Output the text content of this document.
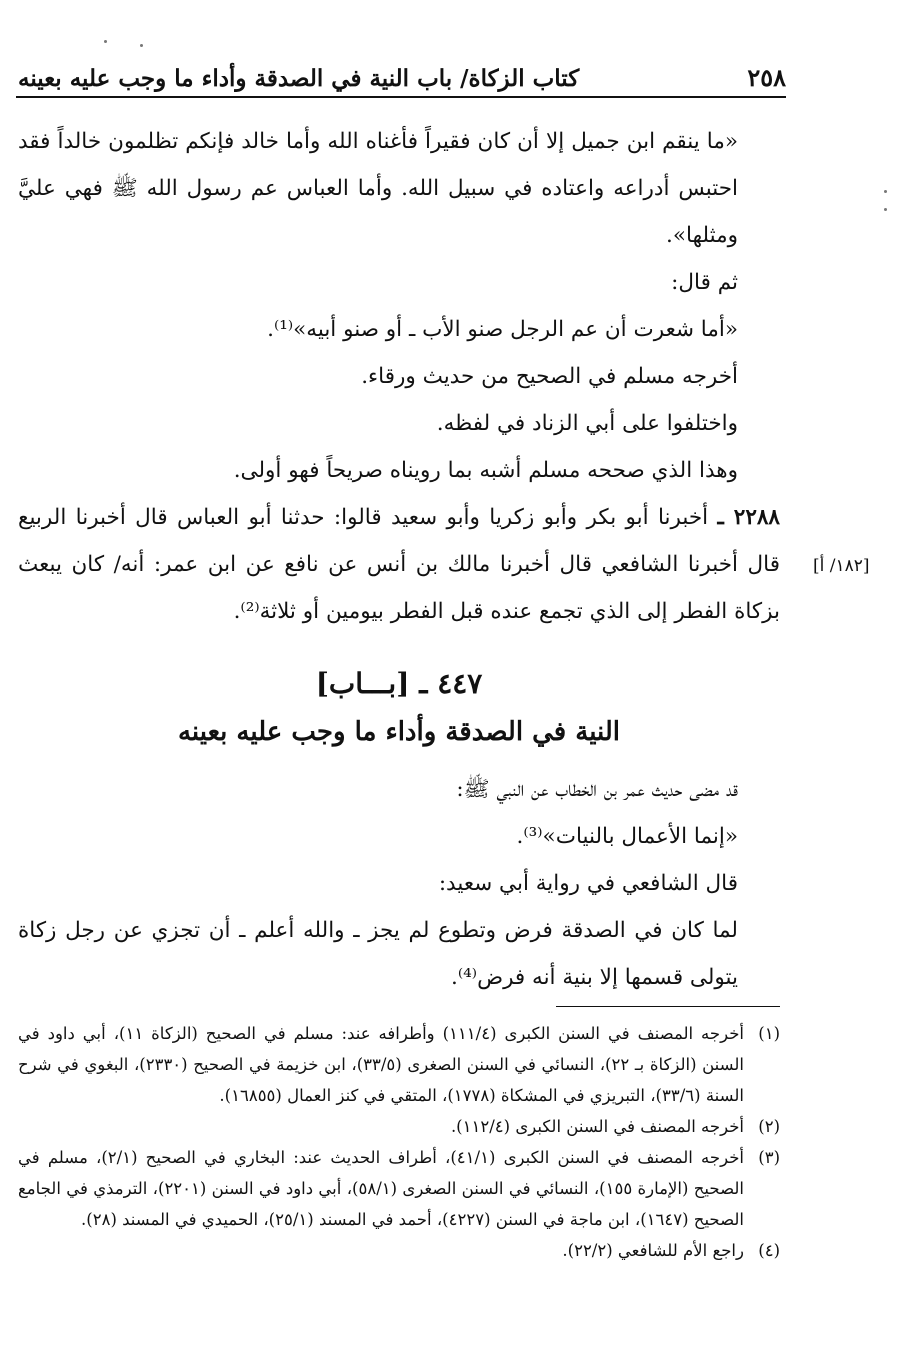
٢٥٨
كتاب الزكاة/ باب النية في الصدقة وأداء ما وجب عليه بعينه

«ما ينقم ابن جميل إلا أن كان فقيراً فأغناه الله وأما خالد فإنكم تظلمون خالداً فقد احتبس أدراعه واعتاده في سبيل الله. وأما العباس عم رسول الله ﷺ فهي عليَّ ومثلها».

ثم قال:

«أما شعرت أن عم الرجل صنو الأب ـ أو صنو أبيه»⁽¹⁾.

أخرجه مسلم في الصحيح من حديث ورقاء.

واختلفوا على أبي الزناد في لفظه.

وهذا الذي صححه مسلم أشبه بما رويناه صريحاً فهو أولى.

٢٢٨٨ ـ أخبرنا أبو بكر وأبو زكريا وأبو سعيد قالوا: حدثنا أبو العباس قال أخبرنا الربيع قال أخبرنا الشافعي قال أخبرنا مالك بن أنس عن نافع عن ابن عمر: أنه/ كان يبعث بزكاة الفطر إلى الذي تجمع عنده قبل الفطر بيومين أو ثلاثة⁽²⁾.

[١٨٢/ أ]
٤٤٧ ـ [بـــاب]
النية في الصدقة وأداء ما وجب عليه بعينه

قد مضى حديث عمر بن الخطاب عن النبي ﷺ:

«إنما الأعمال بالنيات»⁽³⁾.

قال الشافعي في رواية أبي سعيد:

لما كان في الصدقة فرض وتطوع لم يجز ـ والله أعلم ـ أن تجزي عن رجل زكاة يتولى قسمها إلا بنية أنه فرض⁽⁴⁾.

(١)
أخرجه المصنف في السنن الكبرى (١١١/٤) وأطرافه عند: مسلم في الصحيح (الزكاة ١١)، أبي داود في السنن (الزكاة بـ ٢٢)، النسائي في السنن الصغرى (٣٣/٥)، ابن خزيمة في الصحيح (٢٣٣٠)، البغوي في شرح السنة (٣٣/٦)، التبريزي في المشكاة (١٧٧٨)، المتقي في كنز العمال (١٦٨٥٥).
(٢)
أخرجه المصنف في السنن الكبرى (١١٢/٤).
(٣)
أخرجه المصنف في السنن الكبرى (٤١/١)، أطراف الحديث عند: البخاري في الصحيح (٢/١)، مسلم في الصحيح (الإمارة ١٥٥)، النسائي في السنن الصغرى (٥٨/١)، أبي داود في السنن (٢٢٠١)، الترمذي في الجامع الصحيح (١٦٤٧)، ابن ماجة في السنن (٤٢٢٧)، أحمد في المسند (٢٥/١)، الحميدي في المسند (٢٨).
(٤)
راجع الأم للشافعي (٢٢/٢).
